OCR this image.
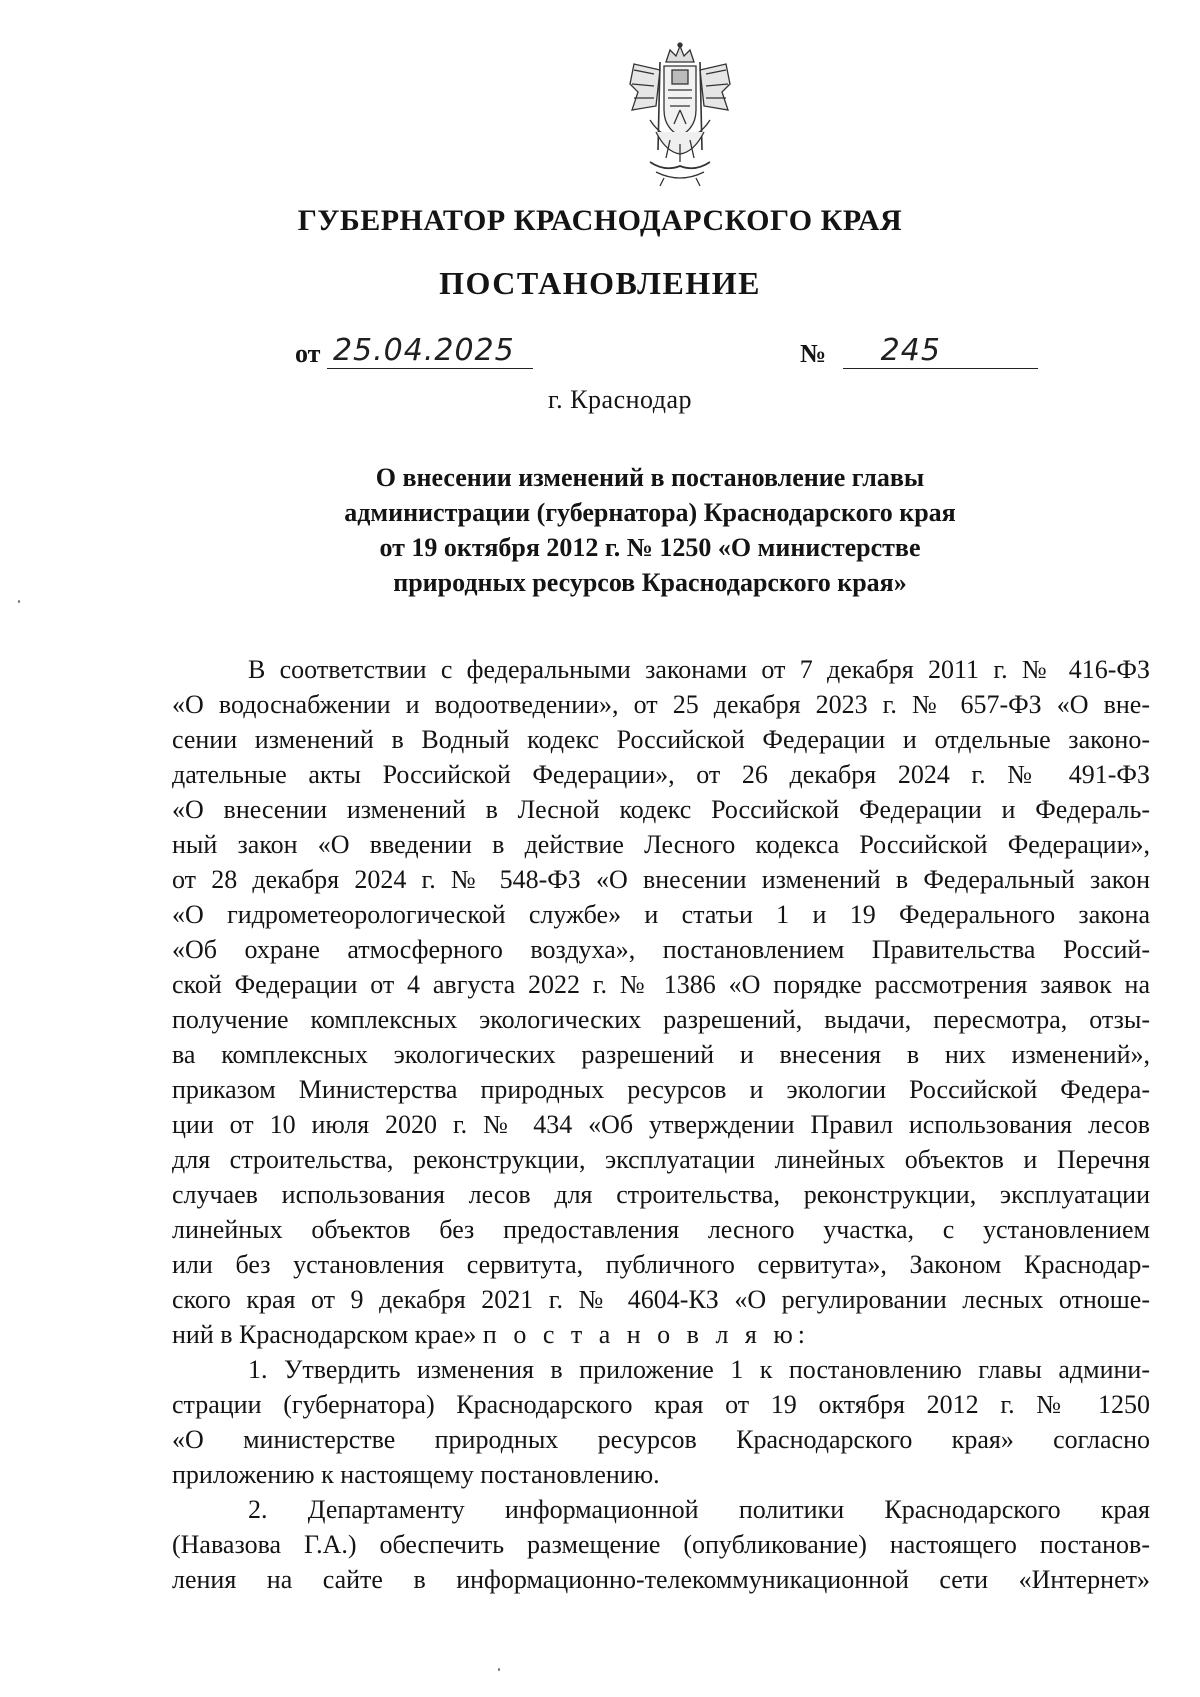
ГУБЕРНАТОР КРАСНОДАРСКОГО КРАЯ
ПОСТАНОВЛЕНИЕ
от 25.04.2025	№ 245
г. Краснодар
О внесении изменений в постановление главы
администрации (губернатора) Краснодарского края
от 19 октября 2012 г. № 1250 «О министерстве
природных ресурсов Краснодарского края»
В соответствии с федеральными законами от 7 декабря 2011 г. № 416-ФЗ
«О водоснабжении и водоотведении», от 25 декабря 2023 г. № 657-ФЗ «О вне-
сении изменений в Водный кодекс Российской Федерации и отдельные законо-
дательные акты Российской Федерации», от 26 декабря 2024 г. № 491-ФЗ
«О внесении изменений в Лесной кодекс Российской Федерации и Федераль-
ный закон «О введении в действие Лесного кодекса Российской Федерации»,
от 28 декабря 2024 г. № 548-ФЗ «О внесении изменений в Федеральный закон
«О гидрометеорологической службе» и статьи 1 и 19 Федерального закона
«Об охране атмосферного воздуха», постановлением Правительства Россий-
ской Федерации от 4 августа 2022 г. № 1386 «О порядке рассмотрения заявок на
получение комплексных экологических разрешений, выдачи, пересмотра, отзы-
ва комплексных экологических разрешений и внесения в них изменений»,
приказом Министерства природных ресурсов и экологии Российской Федера-
ции от 10 июля 2020 г. № 434 «Об утверждении Правил использования лесов
для строительства, реконструкции, эксплуатации линейных объектов и Перечня
случаев использования лесов для строительства, реконструкции, эксплуатации
линейных объектов без предоставления лесного участка, с установлением
или без установления сервитута, публичного сервитута», Законом Краснодар-
ского края от 9 декабря 2021 г. № 4604-КЗ «О регулировании лесных отноше-
ний в Краснодарском крае» п о с т а н о в л я ю:
1. Утвердить изменения в приложение 1 к постановлению главы админи-
страции (губернатора) Краснодарского края от 19 октября 2012 г. № 1250
«О министерстве природных ресурсов Краснодарского края» согласно
приложению к настоящему постановлению.
2. Департаменту информационной политики Краснодарского края
(Навазова Г.А.) обеспечить размещение (опубликование) настоящего постанов-
ления на сайте в информационно-телекоммуникационной сети «Интернет»
